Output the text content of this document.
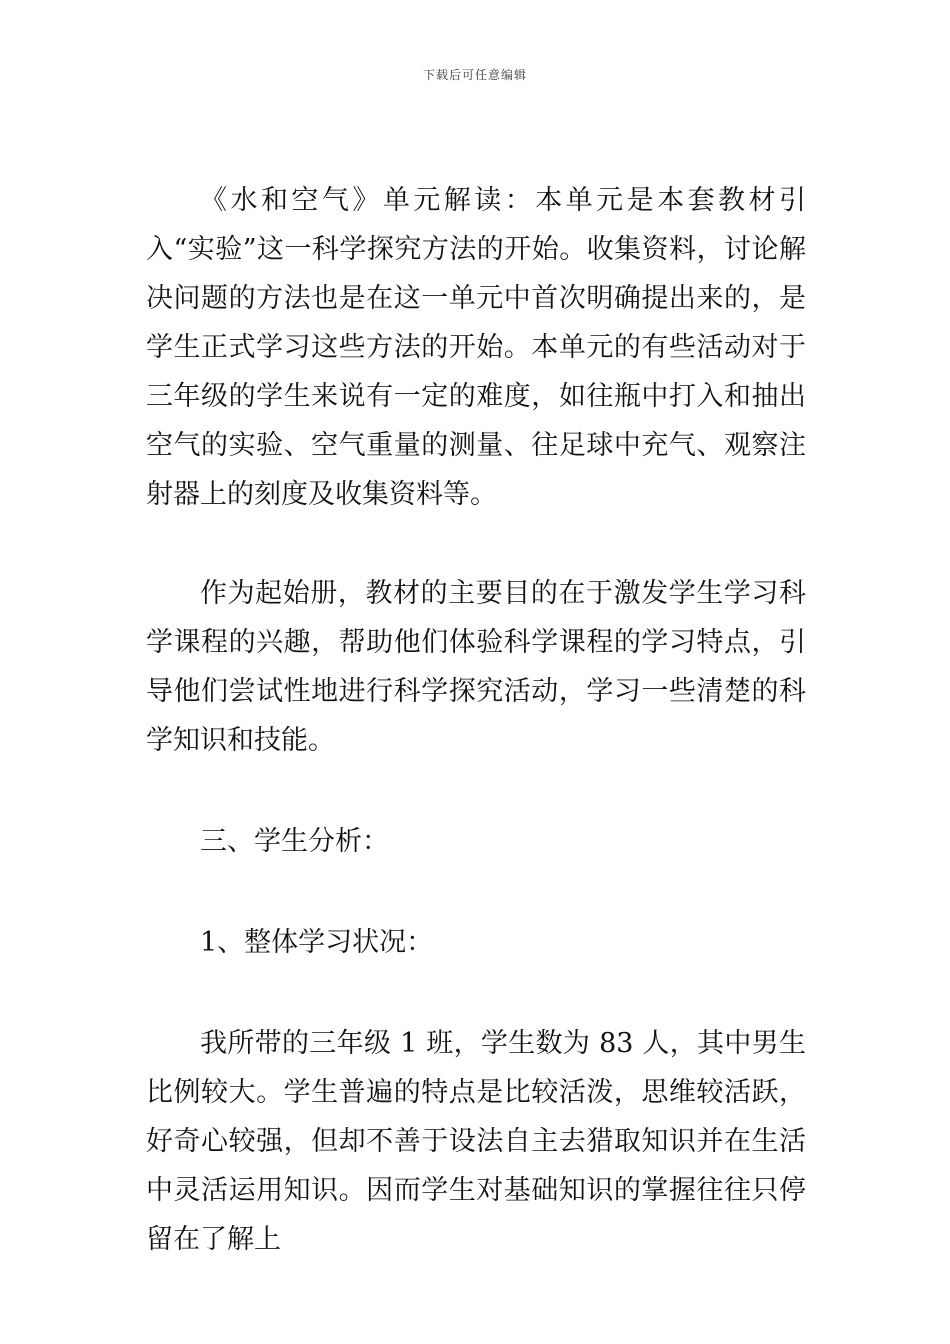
下载后可任意编辑

《水和空气》单元解读：本单元是本套教材引入“实验”这一科学探究方法的开始。收集资料，讨论解决问题的方法也是在这一单元中首次明确提出来的，是学生正式学习这些方法的开始。本单元的有些活动对于三年级的学生来说有一定的难度，如往瓶中打入和抽出空气的实验、空气重量的测量、往足球中充气、观察注射器上的刻度及收集资料等。

作为起始册，教材的主要目的在于激发学生学习科学课程的兴趣，帮助他们体验科学课程的学习特点，引导他们尝试性地进行科学探究活动，学习一些清楚的科学知识和技能。

三、学生分析：

1、整体学习状况：

我所带的三年级 1 班，学生数为 83 人，其中男生比例较大。学生普遍的特点是比较活泼，思维较活跃，好奇心较强，但却不善于设法自主去猎取知识并在生活中灵活运用知识。因而学生对基础知识的掌握往往只停留在了解上
